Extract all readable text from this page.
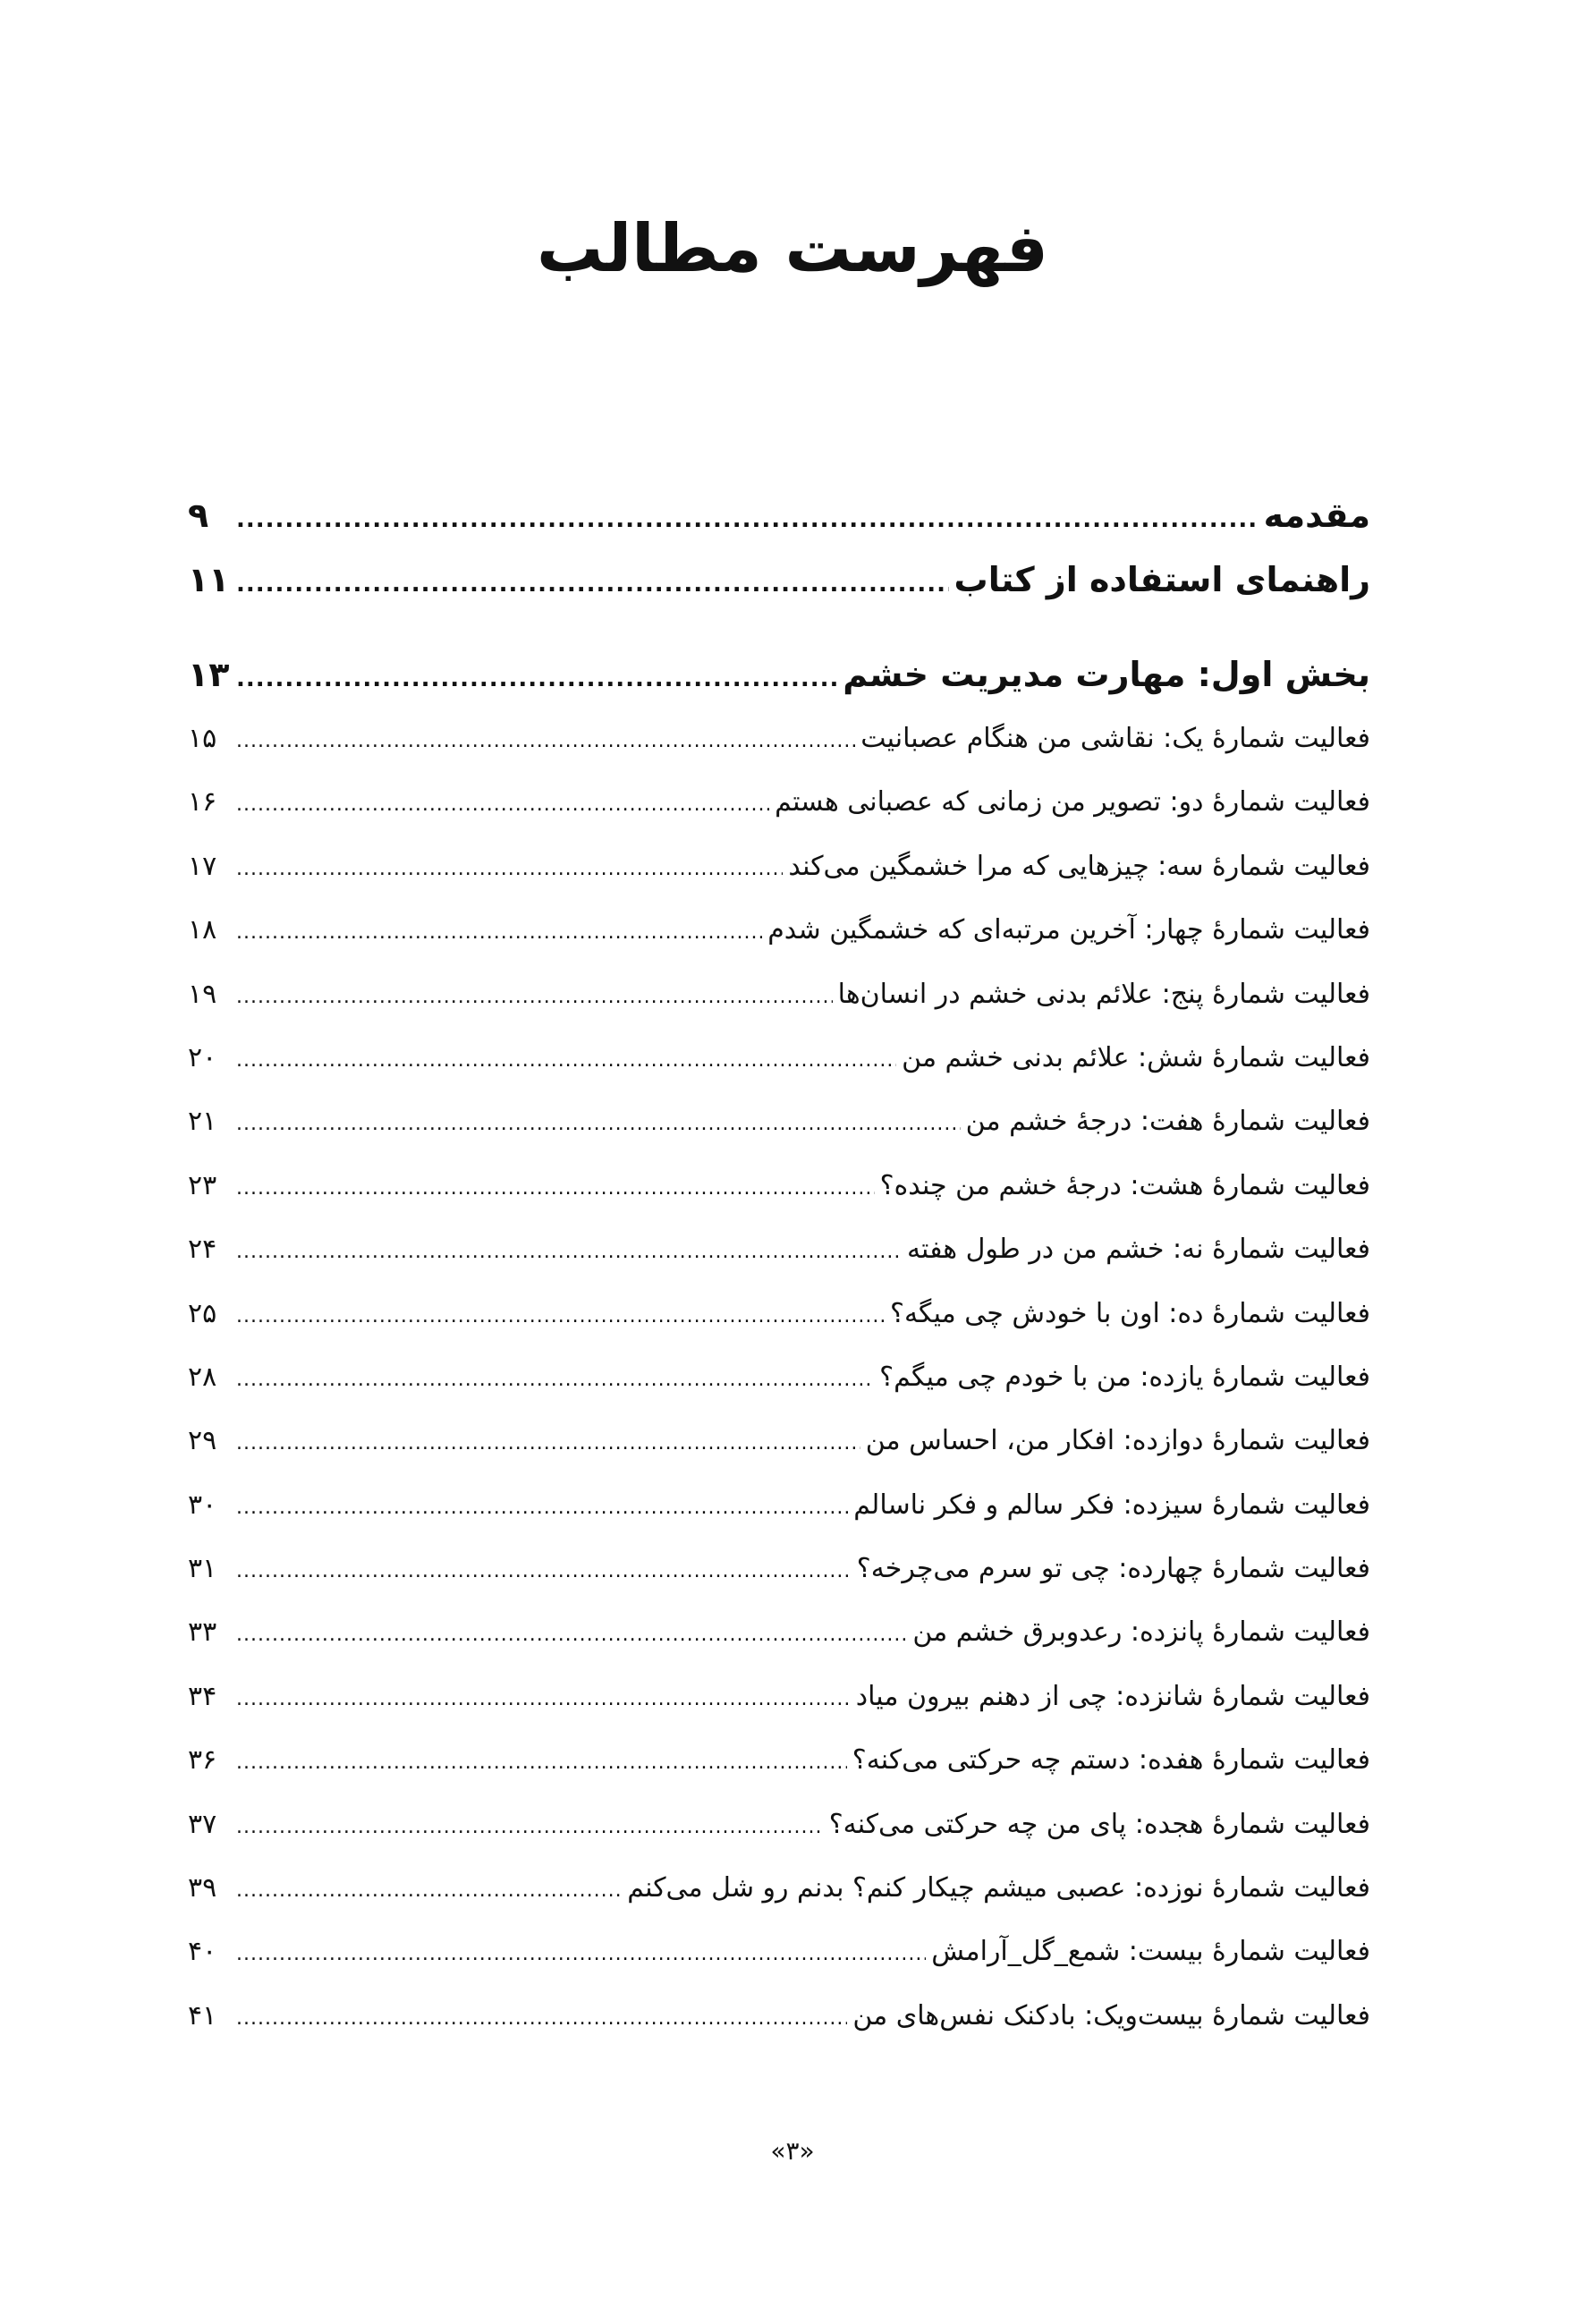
فهرست مطالب
مقدمه
.....
۹
راهنمای استفاده از کتاب
.....
۱۱
بخش اول: مهارت مدیریت خشم
.....
۱۳
فعالیت شمارۀ یک: نقاشی من هنگام عصبانیت
.....
۱۵
فعالیت شمارۀ دو: تصویر من زمانی که عصبانی هستم
.....
۱۶
فعالیت شمارۀ سه: چیزهایی که مرا خشمگین می‌کند
.....
۱۷
فعالیت شمارۀ چهار: آخرین مرتبه‌ای که خشمگین شدم
.....
۱۸
فعالیت شمارۀ پنج: علائم بدنی خشم در انسان‌ها
.....
۱۹
فعالیت شمارۀ شش: علائم بدنی خشم من
.....
۲۰
فعالیت شمارۀ هفت: درجۀ خشم من
.....
۲۱
فعالیت شمارۀ هشت: درجۀ خشم من چنده؟
.....
۲۳
فعالیت شمارۀ نه: خشم من در طول هفته
.....
۲۴
فعالیت شمارۀ ده: اون با خودش چی میگه؟
.....
۲۵
فعالیت شمارۀ یازده: من با خودم چی میگم؟
.....
۲۸
فعالیت شمارۀ دوازده: افکار من، احساس من
.....
۲۹
فعالیت شمارۀ سیزده: فکر سالم و فکر ناسالم
.....
۳۰
فعالیت شمارۀ چهارده: چی تو سرم می‌چرخه؟
.....
۳۱
فعالیت شمارۀ پانزده: رعدوبرق خشم من
.....
۳۳
فعالیت شمارۀ شانزده: چی از دهنم بیرون میاد
.....
۳۴
فعالیت شمارۀ هفده: دستم چه حرکتی می‌کنه؟
.....
۳۶
فعالیت شمارۀ هجده: پای من چه حرکتی می‌کنه؟
.....
۳۷
فعالیت شمارۀ نوزده: عصبی میشم چیکار کنم؟ بدنم رو شل می‌کنم
.....
۳۹
فعالیت شمارۀ بیست: شمع_گل_آرامش
.....
۴۰
فعالیت شمارۀ بیست‌ویک: بادکنک نفس‌های من
.....
۴۱
«۳»
